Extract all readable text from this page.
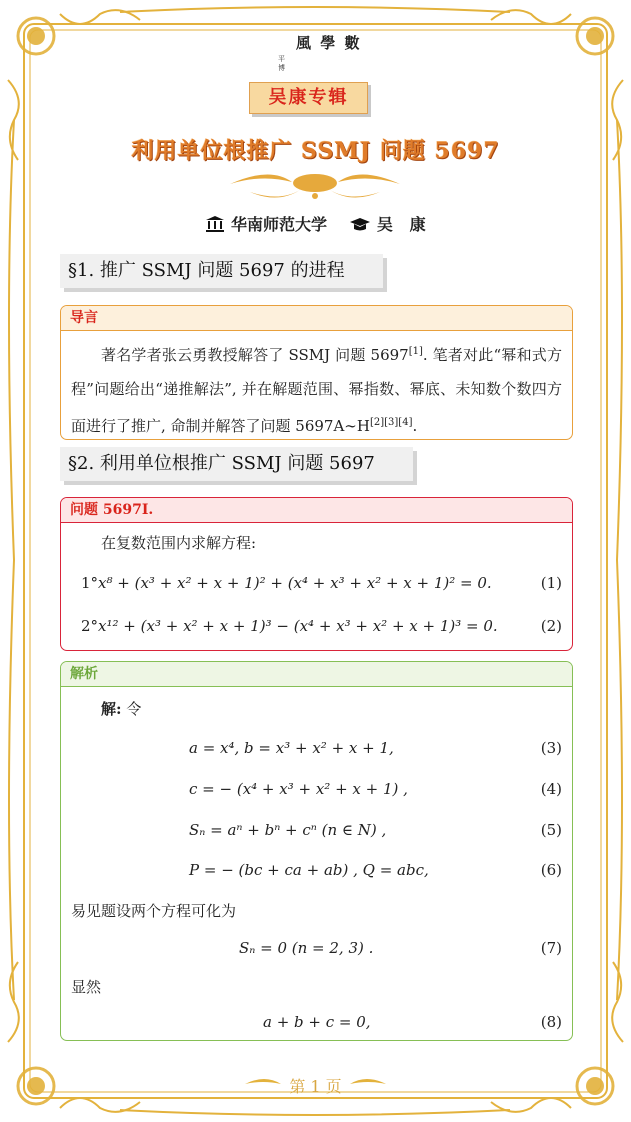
風 學 數
平
博
吴康专辑
利用单位根推广 SSMJ 问题 5697
华南师范大学	吴   康
§1. 推广 SSMJ 问题 5697 的进程
导言
著名学者张云勇教授解答了 SSMJ 问题 5697[1]. 笔者对此“幂和式方程”问题给出“递推解法”, 并在解题范围、幂指数、幂底、未知数个数四方面进行了推广, 命制并解答了问题 5697A∼H[2][3][4].
§2. 利用单位根推广 SSMJ 问题 5697
问题 5697I.
在复数范围内求解方程:
1°x⁸ + (x³ + x² + x + 1)² + (x⁴ + x³ + x² + x + 1)² = 0.	(1)
2°x¹² + (x³ + x² + x + 1)³ − (x⁴ + x³ + x² + x + 1)³ = 0.	(2)
解析
解: 令
a = x⁴, b = x³ + x² + x + 1,	(3)
c = − (x⁴ + x³ + x² + x + 1) ,	(4)
Sₙ = aⁿ + bⁿ + cⁿ (n ∈ N) ,	(5)
P = − (bc + ca + ab) , Q = abc,	(6)
易见题设两个方程可化为
Sₙ = 0 (n = 2, 3) .	(7)
显然
a + b + c = 0,	(8)
第 1 页
